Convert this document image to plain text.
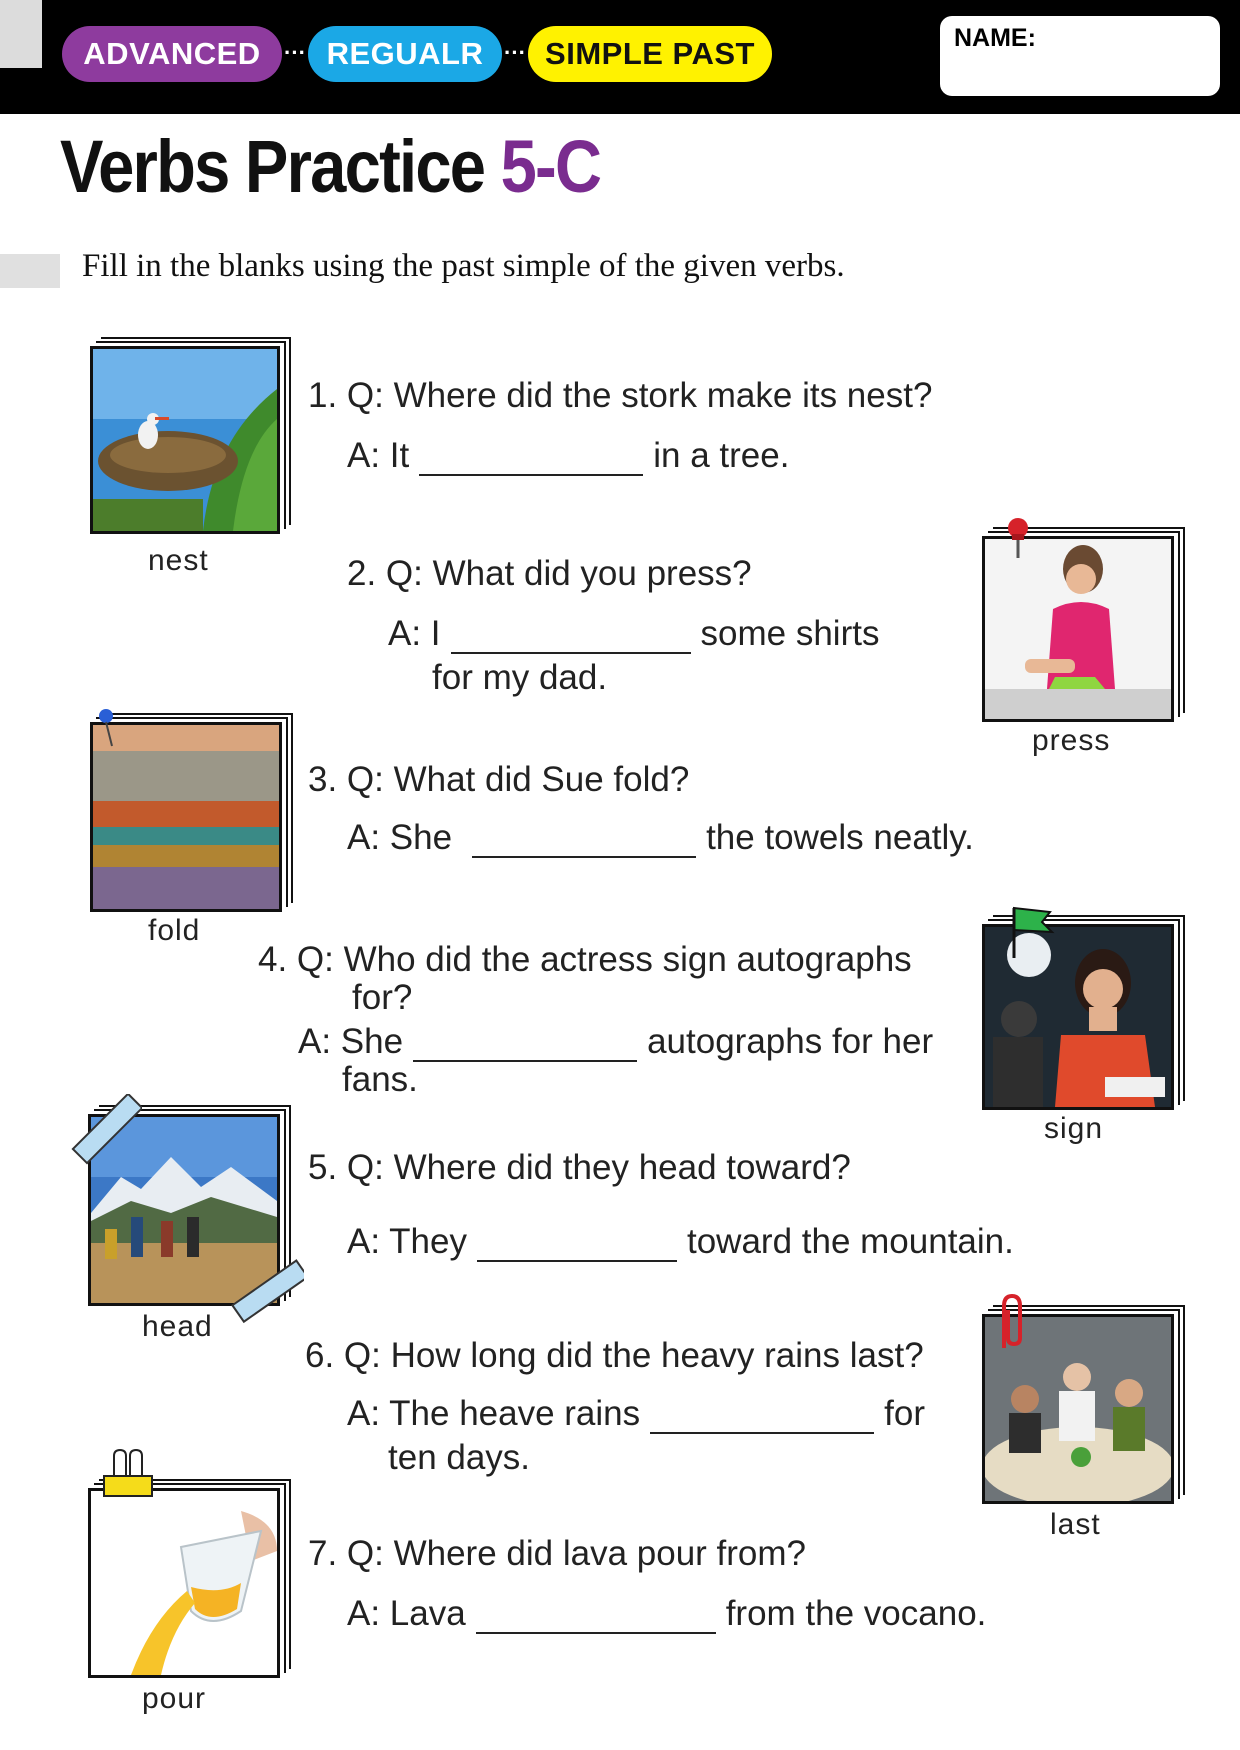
ADVANCED	··· REGUALR ··· SIMPLE PAST	NAME:
Verbs Practice 5-C
Fill in the blanks using the past simple of the given verbs.
nest
1. Q: Where did the stork make its nest?
A: It	in a tree.
2. Q: What did you press?
A: I	some shirts
for my dad.
press
fold
3. Q: What did Sue fold?
A: She	the towels neatly.
4. Q: Who did the actress sign autographs
for?
A: She	autographs for her
fans.
sign
head
5. Q: Where did they head toward?
A: They	toward the mountain.
6. Q: How long did the heavy rains last?
A: The heave rains	for
ten days.
last
pour
7. Q: Where did lava pour from?
A: Lava	from the vocano.
